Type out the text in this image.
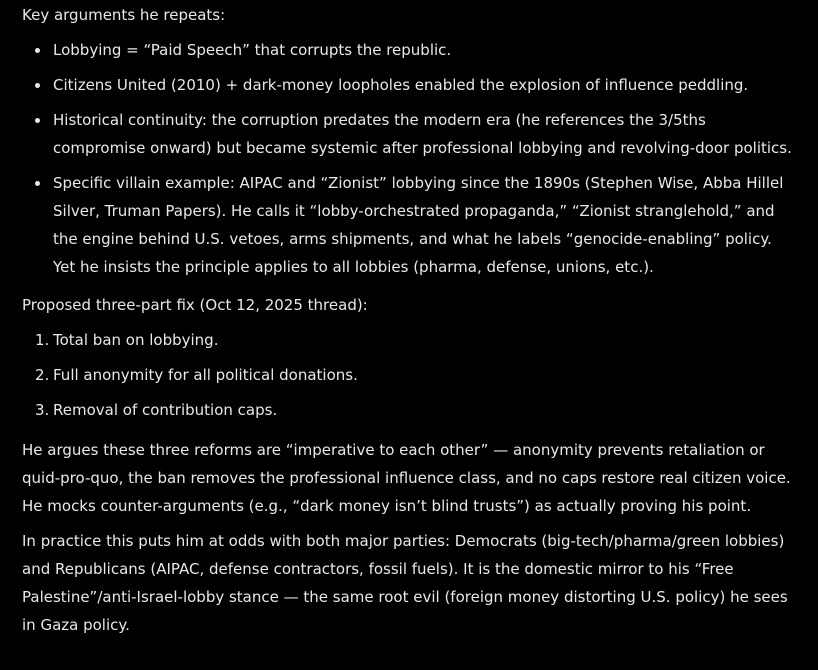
Key arguments he repeats:

Lobbying = “Paid Speech” that corrupts the republic.
Citizens United (2010) + dark-money loopholes enabled the explosion of influence peddling.
Historical continuity: the corruption predates the modern era (he references the 3/5ths compromise onward) but became systemic after professional lobbying and revolving-door politics.
Specific villain example: AIPAC and “Zionist” lobbying since the 1890s (Stephen Wise, Abba Hillel Silver, Truman Papers). He calls it “lobby-orchestrated propaganda,” “Zionist stranglehold,” and the engine behind U.S. vetoes, arms shipments, and what he labels “genocide-enabling” policy. Yet he insists the principle applies to all lobbies (pharma, defense, unions, etc.).

Proposed three-part fix (Oct 12, 2025 thread):

1. Total ban on lobbying.
2. Full anonymity for all political donations.
3. Removal of contribution caps.

He argues these three reforms are “imperative to each other” — anonymity prevents retaliation or quid-pro-quo, the ban removes the professional influence class, and no caps restore real citizen voice. He mocks counter-arguments (e.g., “dark money isn’t blind trusts”) as actually proving his point.

In practice this puts him at odds with both major parties: Democrats (big-tech/pharma/green lobbies) and Republicans (AIPAC, defense contractors, fossil fuels). It is the domestic mirror to his “Free Palestine”/anti-Israel-lobby stance — the same root evil (foreign money distorting U.S. policy) he sees in Gaza policy.
